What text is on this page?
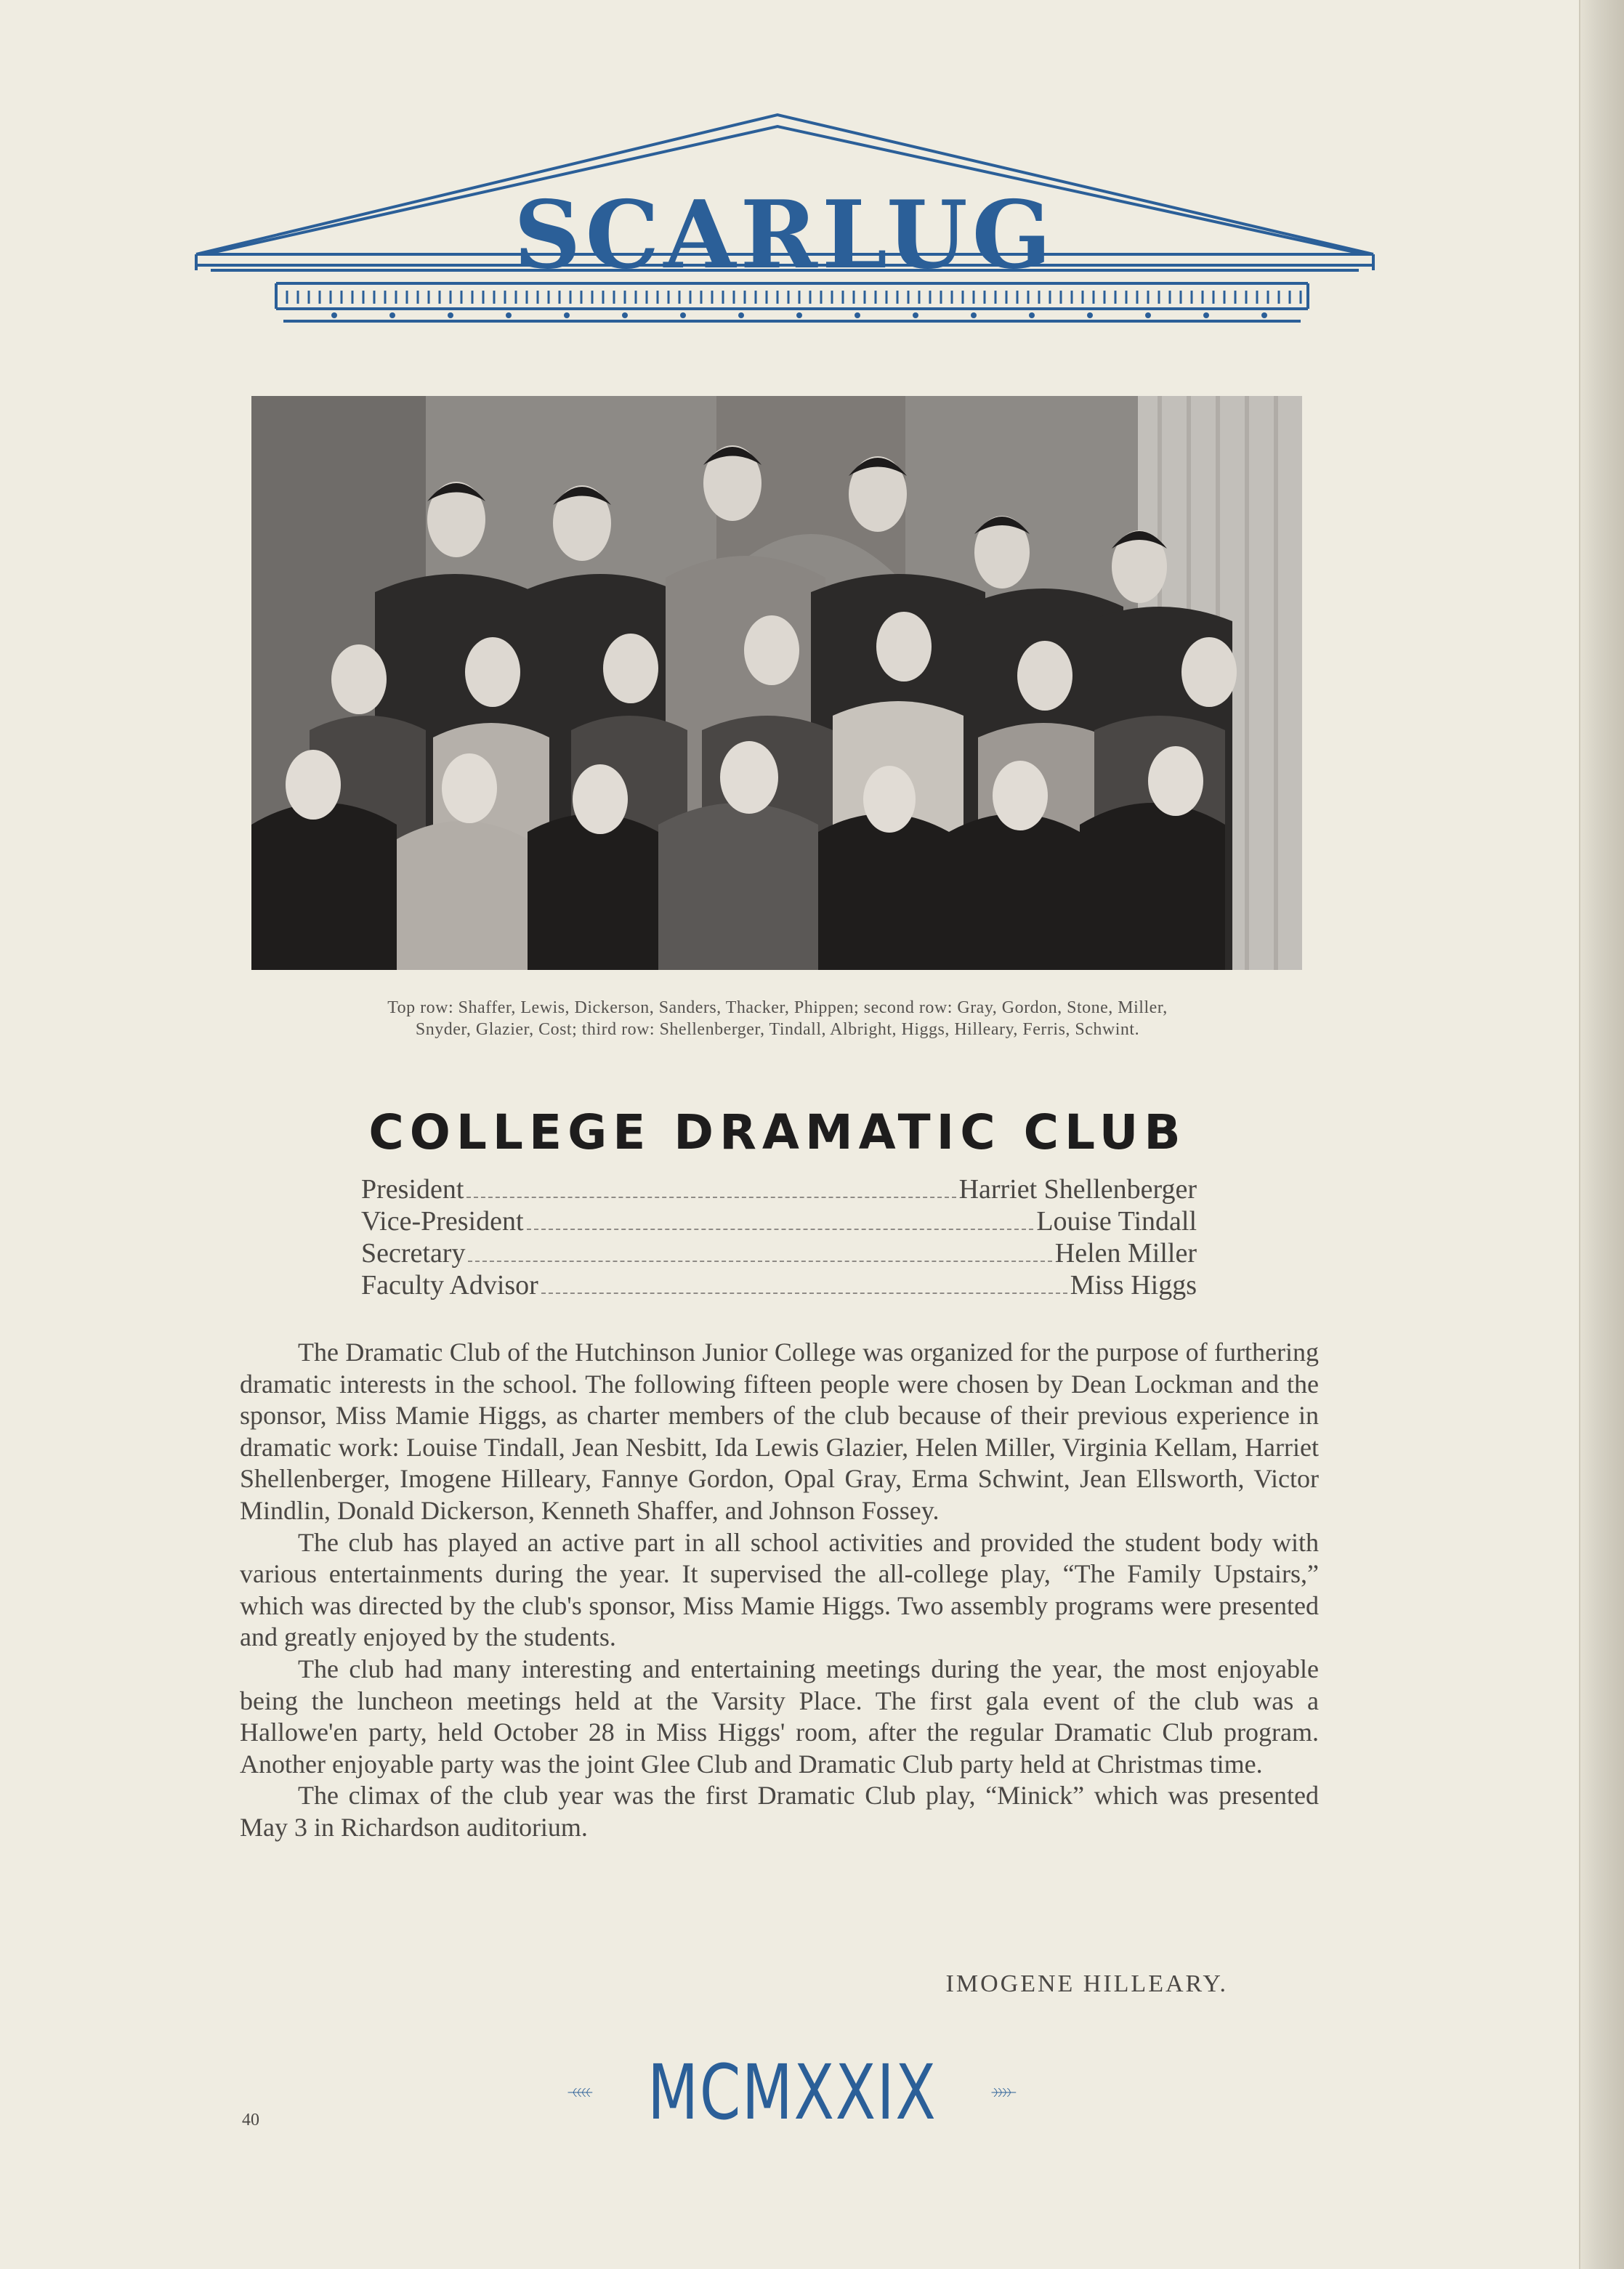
SCARLUG
Top row: Shaffer, Lewis, Dickerson, Sanders, Thacker, Phippen; second row: Gray, Gordon, Stone, Miller,
Snyder, Glazier, Cost; third row: Shellenberger, Tindall, Albright, Higgs, Hilleary, Ferris, Schwint.
COLLEGE DRAMATIC CLUB
President	Harriet Shellenberger
Vice-President	Louise Tindall
Secretary	Helen Miller
Faculty Advisor	Miss Higgs

The Dramatic Club of the Hutchinson Junior College was organized for the purpose of furthering dramatic interests in the school. The following fifteen people were chosen by Dean Lockman and the sponsor, Miss Mamie Higgs, as charter members of the club because of their previous experience in dramatic work: Louise Tindall, Jean Nesbitt, Ida Lewis Glazier, Helen Miller, Virginia Kellam, Harriet Shellenberger, Imogene Hilleary, Fannye Gordon, Opal Gray, Erma Schwint, Jean Ellsworth, Victor Mindlin, Donald Dickerson, Kenneth Shaffer, and Johnson Fossey.

The club has played an active part in all school activities and provided the student body with various entertainments during the year. It supervised the all-college play, “The Family Upstairs,” which was directed by the club's sponsor, Miss Mamie Higgs. Two assembly programs were presented and greatly enjoyed by the students.

The club had many interesting and entertaining meetings during the year, the most enjoyable being the luncheon meetings held at the Varsity Place. The first gala event of the club was a Hallowe'en party, held October 28 in Miss Higgs' room, after the regular Dramatic Club program. Another enjoyable party was the joint Glee Club and Dramatic Club party held at Christmas time.

The climax of the club year was the first Dramatic Club play, “Minick” which was presented May 3 in Richardson auditorium.

IMOGENE HILLEARY.
MCMXXIX
40
